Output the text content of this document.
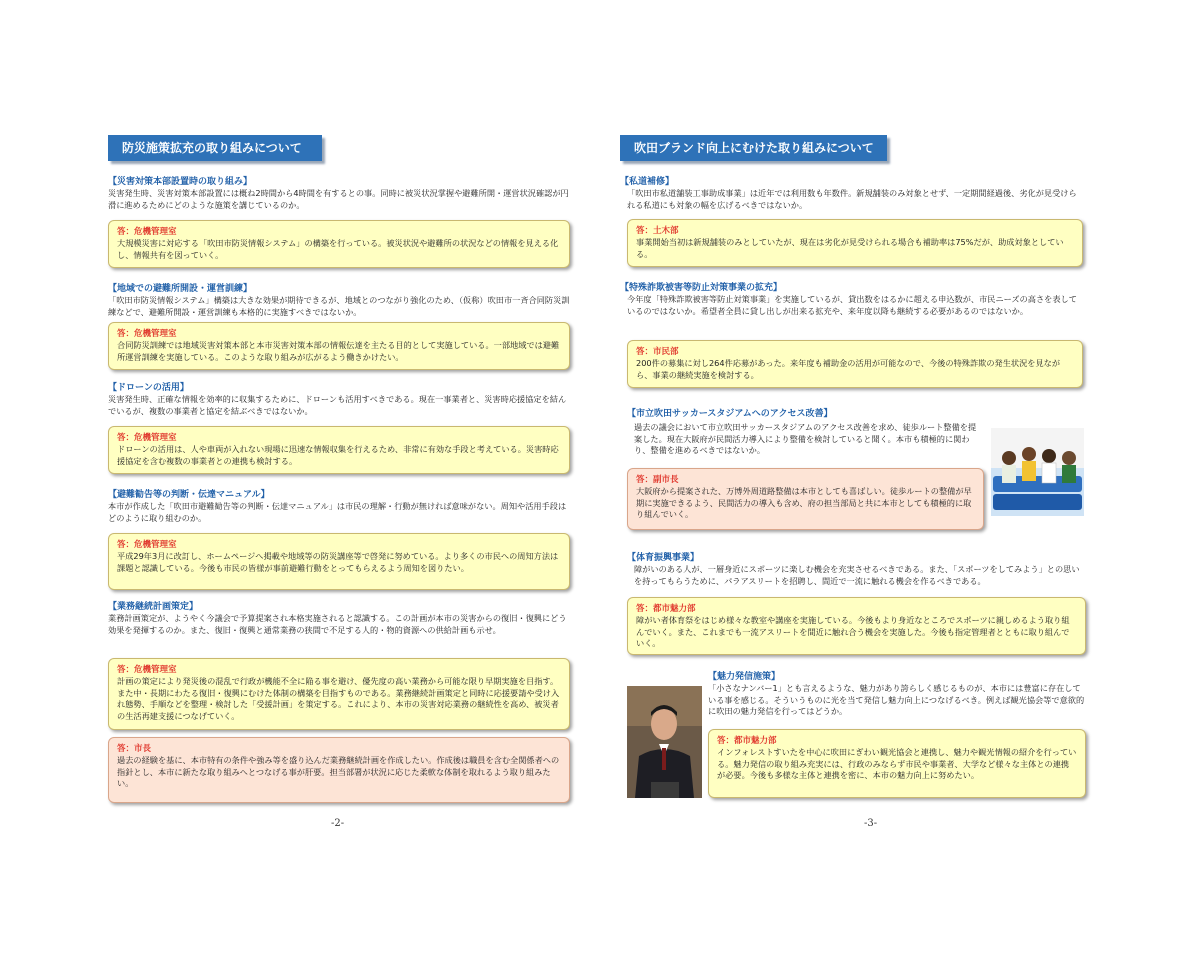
防災施策拡充の取り組みについて
【災害対策本部設置時の取り組み】
災害発生時、災害対策本部設置には概ね2時間から4時間を有するとの事。同時に被災状況掌握や避難所開・運営状況確認が円滑に進めるためにどのような施策を講じているのか。
答：危機管理室
大規模災害に対応する「吹田市防災情報システム」の構築を行っている。被災状況や避難所の状況などの情報を見える化し、情報共有を図っていく。
【地域での避難所開設・運営訓練】
「吹田市防災情報システム」構築は大きな効果が期待できるが、地域とのつながり強化のため、（仮称）吹田市一斉合同防災訓練などで、避難所開設・運営訓練も本格的に実施すべきではないか。
答：危機管理室
合同防災訓練では地域災害対策本部と本市災害対策本部の情報伝達を主たる目的として実施している。一部地域では避難所運営訓練を実施している。このような取り組みが広がるよう働きかけたい。
【ドローンの活用】
災害発生時、正確な情報を効率的に収集するために、ドローンも活用すべきである。現在一事業者と、災害時応援協定を結んでいるが、複数の事業者と協定を結ぶべきではないか。
答：危機管理室
ドローンの活用は、人や車両が入れない現場に迅速な情報収集を行えるため、非常に有効な手段と考えている。災害時応援協定を含む複数の事業者との連携も検討する。
【避難勧告等の判断・伝達マニュアル】
本市が作成した「吹田市避難勧告等の判断・伝達マニュアル」は市民の理解・行動が無ければ意味がない。周知や活用手段はどのように取り組むのか。
答：危機管理室
平成29年3月に改訂し、ホームページへ掲載や地域等の防災講座等で啓発に努めている。より多くの市民への周知方法は課題と認識している。今後も市民の皆様が事前避難行動をとってもらえるよう周知を図りたい。
【業務継続計画策定】
業務計画策定が、ようやく今議会で予算提案され本格実施されると認識する。この計画が本市の災害からの復旧・復興にどう効果を発揮するのか。また、復旧・復興と通常業務の狭間で不足する人的・物的資源への供給計画も示せ。
答：危機管理室
計画の策定により発災後の混乱で行政が機能不全に陥る事を避け、優先度の高い業務から可能な限り早期実施を目指す。また中・長期にわたる復旧・復興にむけた体制の構築を目指すものである。業務継続計画策定と同時に応援要請や受け入れ態勢、手順などを整理・検討した「受援計画」を策定する。これにより、本市の災害対応業務の継続性を高め、被災者の生活再建支援につなげていく。
答：市長
過去の経験を基に、本市特有の条件や強み等を盛り込んだ業務継続計画を作成したい。作成後は職員を含む全関係者への指針とし、本市に新たな取り組みへとつなげる事が肝要。担当部署が状況に応じた柔軟な体制を取れるよう取り組みたい。
-2-
吹田ブランド向上にむけた取り組みについて
【私道補修】
「吹田市私道舗装工事助成事業」は近年では利用数も年数件。新規舗装のみ対象とせず、一定期間経過後、劣化が見受けられる私道にも対象の幅を広げるべきではないか。
答：土木部
事業開始当初は新規舗装のみとしていたが、現在は劣化が見受けられる場合も補助率は75%だが、助成対象としている。
【特殊詐欺被害等防止対策事業の拡充】
今年度「特殊詐欺被害等防止対策事業」を実施しているが、貸出数をはるかに超える申込数が、市民ニーズの高さを表しているのではないか。希望者全員に貸し出しが出来る拡充や、来年度以降も継続する必要があるのではないか。
答：市民部
200件の募集に対し264件応募があった。来年度も補助金の活用が可能なので、今後の特殊詐欺の発生状況を見ながら、事業の継続実施を検討する。
【市立吹田サッカースタジアムへのアクセス改善】
過去の議会において市立吹田サッカースタジアムのアクセス改善を求め、徒歩ルート整備を提案した。現在大阪府が民間活力導入により整備を検討していると聞く。本市も積極的に関わり、整備を進めるべきではないか。
答：副市長
大阪府から提案された、万博外周道路整備は本市としても喜ばしい。徒歩ルートの整備が早期に実施できるよう、民間活力の導入も含め、府の担当部局と共に本市としても積極的に取り組んでいく。
【体育振興事業】
障がいのある人が、一層身近にスポーツに楽しむ機会を充実させるべきである。また、「スポーツをしてみよう」との思いを持ってもらうために、パラアスリートを招聘し、間近で一流に触れる機会を作るべきである。
答：都市魅力部
障がい者体育祭をはじめ様々な教室や講座を実施している。今後もより身近なところでスポーツに親しめるよう取り組んでいく。また、これまでも一流アスリートを間近に触れ合う機会を実施した。今後も指定管理者とともに取り組んでいく。
【魅力発信施策】
「小さなナンバー1」とも言えるような、魅力があり誇らしく感じるものが、本市には豊富に存在している事を感じる。そういうものに光を当て発信し魅力向上につなげるべき。例えば観光協会等で意欲的に吹田の魅力発信を行ってはどうか。
答：都市魅力部
インフォレストすいたを中心に吹田にぎわい観光協会と連携し、魅力や観光情報の紹介を行っている。魅力発信の取り組み充実には、行政のみならず市民や事業者、大学など様々な主体との連携が必要。今後も多様な主体と連携を密に、本市の魅力向上に努めたい。
-3-
